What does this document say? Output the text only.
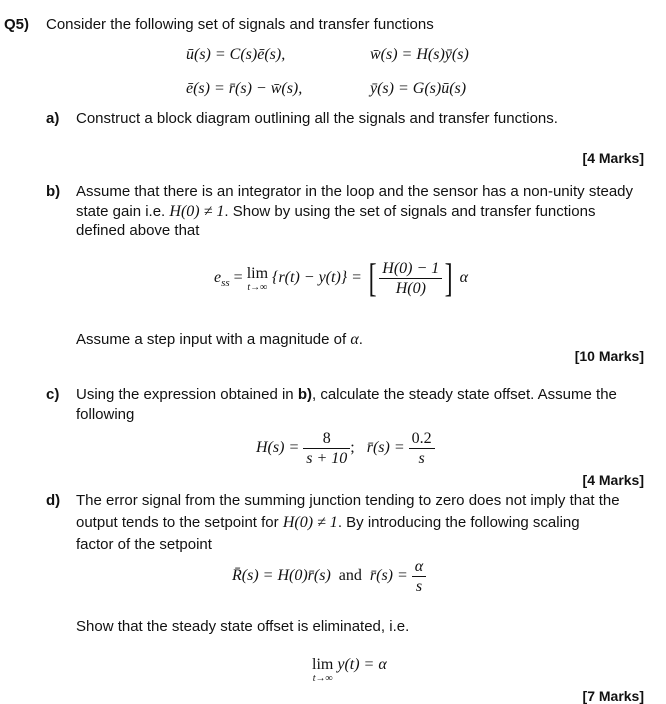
Q5) Consider the following set of signals and transfer functions
ū(s) = C(s)ē(s),	w̄(s) = H(s)ȳ(s)
ē(s) = r̄(s) − w̄(s),	ȳ(s) = G(s)ū(s)
a) Construct a block diagram outlining all the signals and transfer functions.
[4 Marks]
b) Assume that there is an integrator in the loop and the sensor has a non-unity steady
state gain i.e. H(0) ≠ 1. Show by using the set of signals and transfer functions
defined above that
$e_{ss} = \lim$
t→∞
{r(t) − y(t)} = [ $\frac{H(0) - 1}{H(0)}$ ] α
Assume a step input with a magnitude of α.
[10 Marks]
c) Using the expression obtained in b), calculate the steady state offset. Assume the
following
$H(s) = \frac{8}{s + 10}$ ; r̄(s) = $\frac{0.2}{s}$
[4 Marks]
d) The error signal from the summing junction tending to zero does not imply that the
output tends to the setpoint for H(0) ≠ 1. By introducing the following scaling
factor of the setpoint
R̄(s) = H(0)r̄(s) and r̄(s) = $\frac{\alpha}{s}$
Show that the steady state offset is eliminated, i.e.
lim
t→∞
y(t) = α
[7 Marks]
